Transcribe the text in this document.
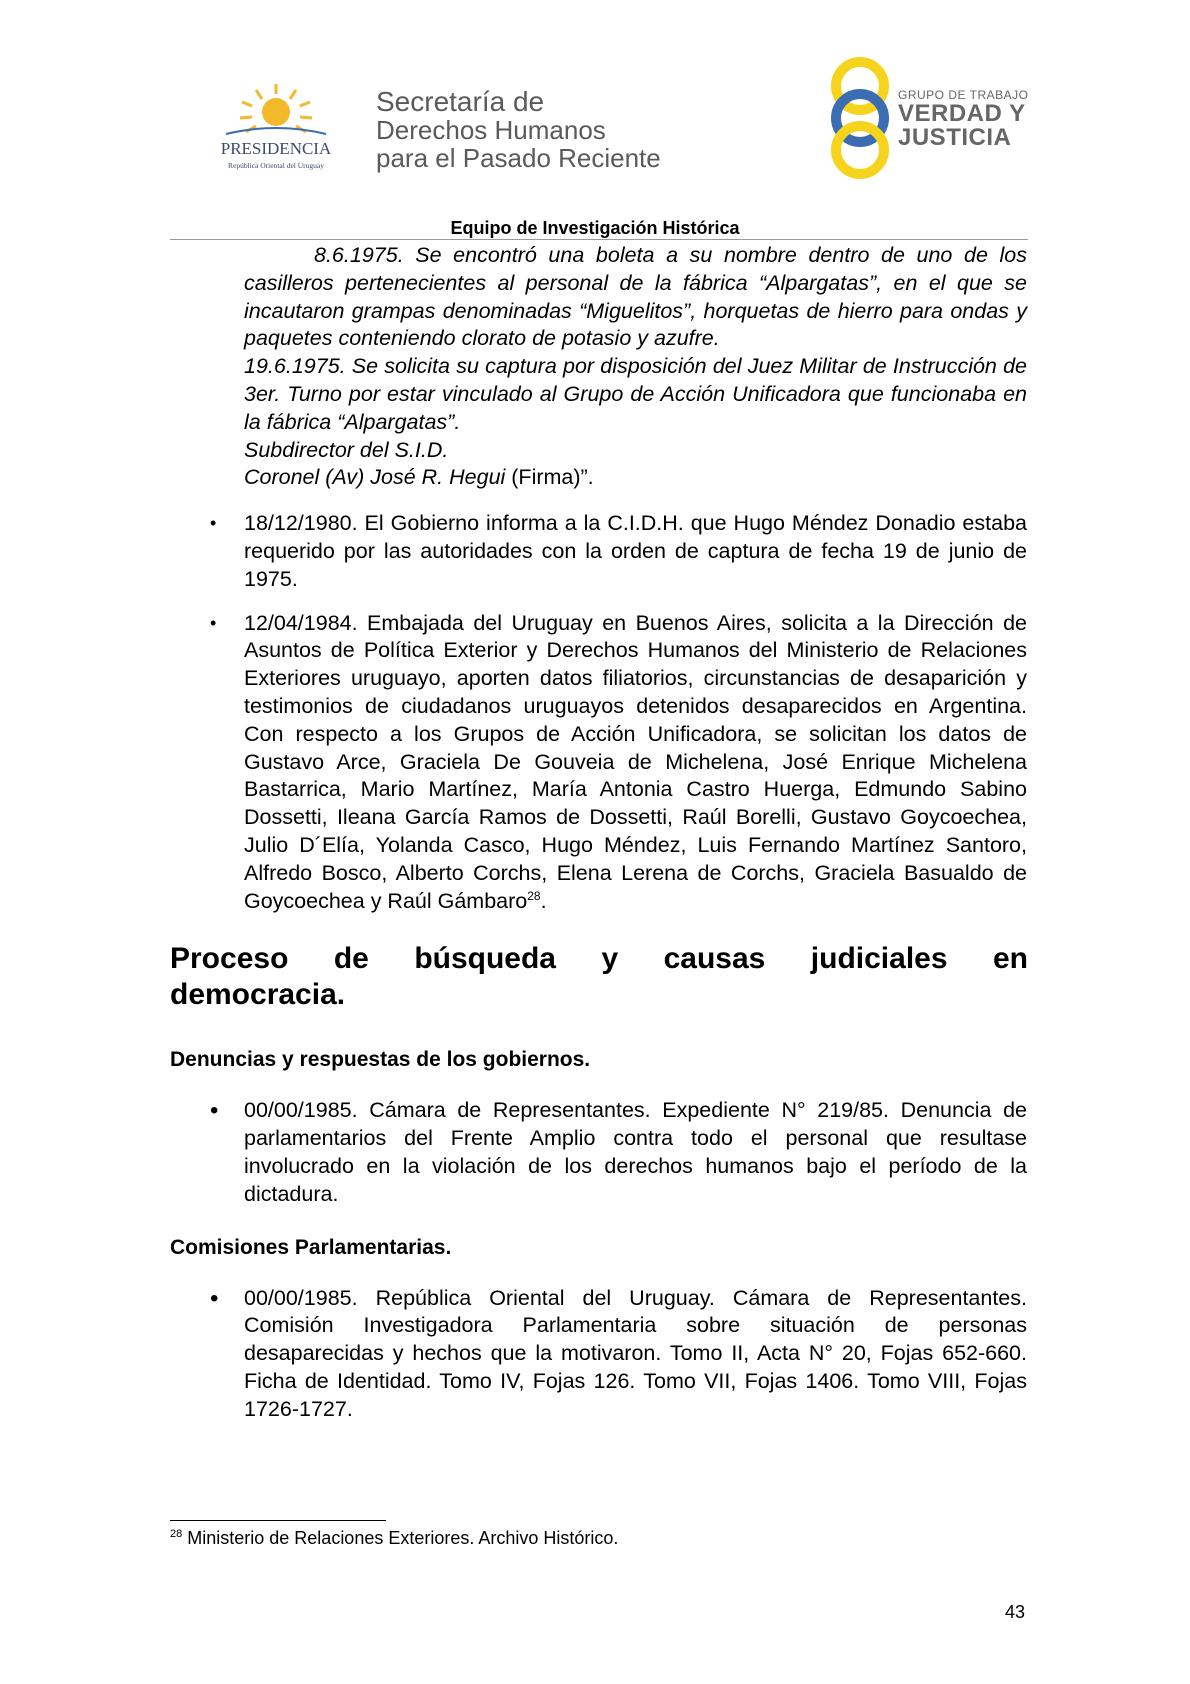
PRESIDENCIA
República Oriental del Uruguay
Secretaría de
Derechos Humanos
para el Pasado Reciente
GRUPO DE TRABAJO
VERDAD Y
JUSTICIA
Equipo de Investigación Histórica

8.6.1975. Se encontró una boleta a su nombre dentro de uno de los casilleros pertenecientes al personal de la fábrica “Alpargatas”, en el que se incautaron grampas denominadas “Miguelitos”, horquetas de hierro para ondas y paquetes conteniendo clorato de potasio y azufre.

19.6.1975. Se solicita su captura por disposición del Juez Militar de Instrucción de 3er. Turno por estar vinculado al Grupo de Acción Unificadora que funcionaba en la fábrica “Alpargatas”.

Subdirector del S.I.D.

Coronel (Av) José R. Hegui (Firma)”.

• 18/12/1980. El Gobierno informa a la C.I.D.H. que Hugo Méndez Donadio estaba requerido por las autoridades con la orden de captura de fecha 19 de junio de 1975.

• 12/04/1984. Embajada del Uruguay en Buenos Aires, solicita a la Dirección de Asuntos de Política Exterior y Derechos Humanos del Ministerio de Relaciones Exteriores uruguayo, aporten datos filiatorios, circunstancias de desaparición y testimonios de ciudadanos uruguayos detenidos desaparecidos en Argentina. Con respecto a los Grupos de Acción Unificadora, se solicitan los datos de Gustavo Arce, Graciela De Gouveia de Michelena, José Enrique Michelena Bastarrica, Mario Martínez, María Antonia Castro Huerga, Edmundo Sabino Dossetti, Ileana García Ramos de Dossetti, Raúl Borelli, Gustavo Goycoechea, Julio D´Elía, Yolanda Casco, Hugo Méndez, Luis Fernando Martínez Santoro, Alfredo Bosco, Alberto Corchs, Elena Lerena de Corchs, Graciela Basualdo de Goycoechea y Raúl Gámbaro$^{28}$.

Proceso de búsqueda y causas judiciales en
democracia.
Denuncias y respuestas de los gobiernos.
• 00/00/1985. Cámara de Representantes. Expediente N° 219/85. Denuncia de parlamentarios del Frente Amplio contra todo el personal que resultase involucrado en la violación de los derechos humanos bajo el período de la dictadura.

Comisiones Parlamentarias.
• 00/00/1985. República Oriental del Uruguay. Cámara de Representantes. Comisión Investigadora Parlamentaria sobre situación de personas desaparecidas y hechos que la motivaron. Tomo II, Acta N° 20, Fojas 652-660. Ficha de Identidad. Tomo IV, Fojas 126. Tomo VII, Fojas 1406. Tomo VIII, Fojas 1726-1727.

$^{28}$ Ministerio de Relaciones Exteriores. Archivo Histórico.
43
